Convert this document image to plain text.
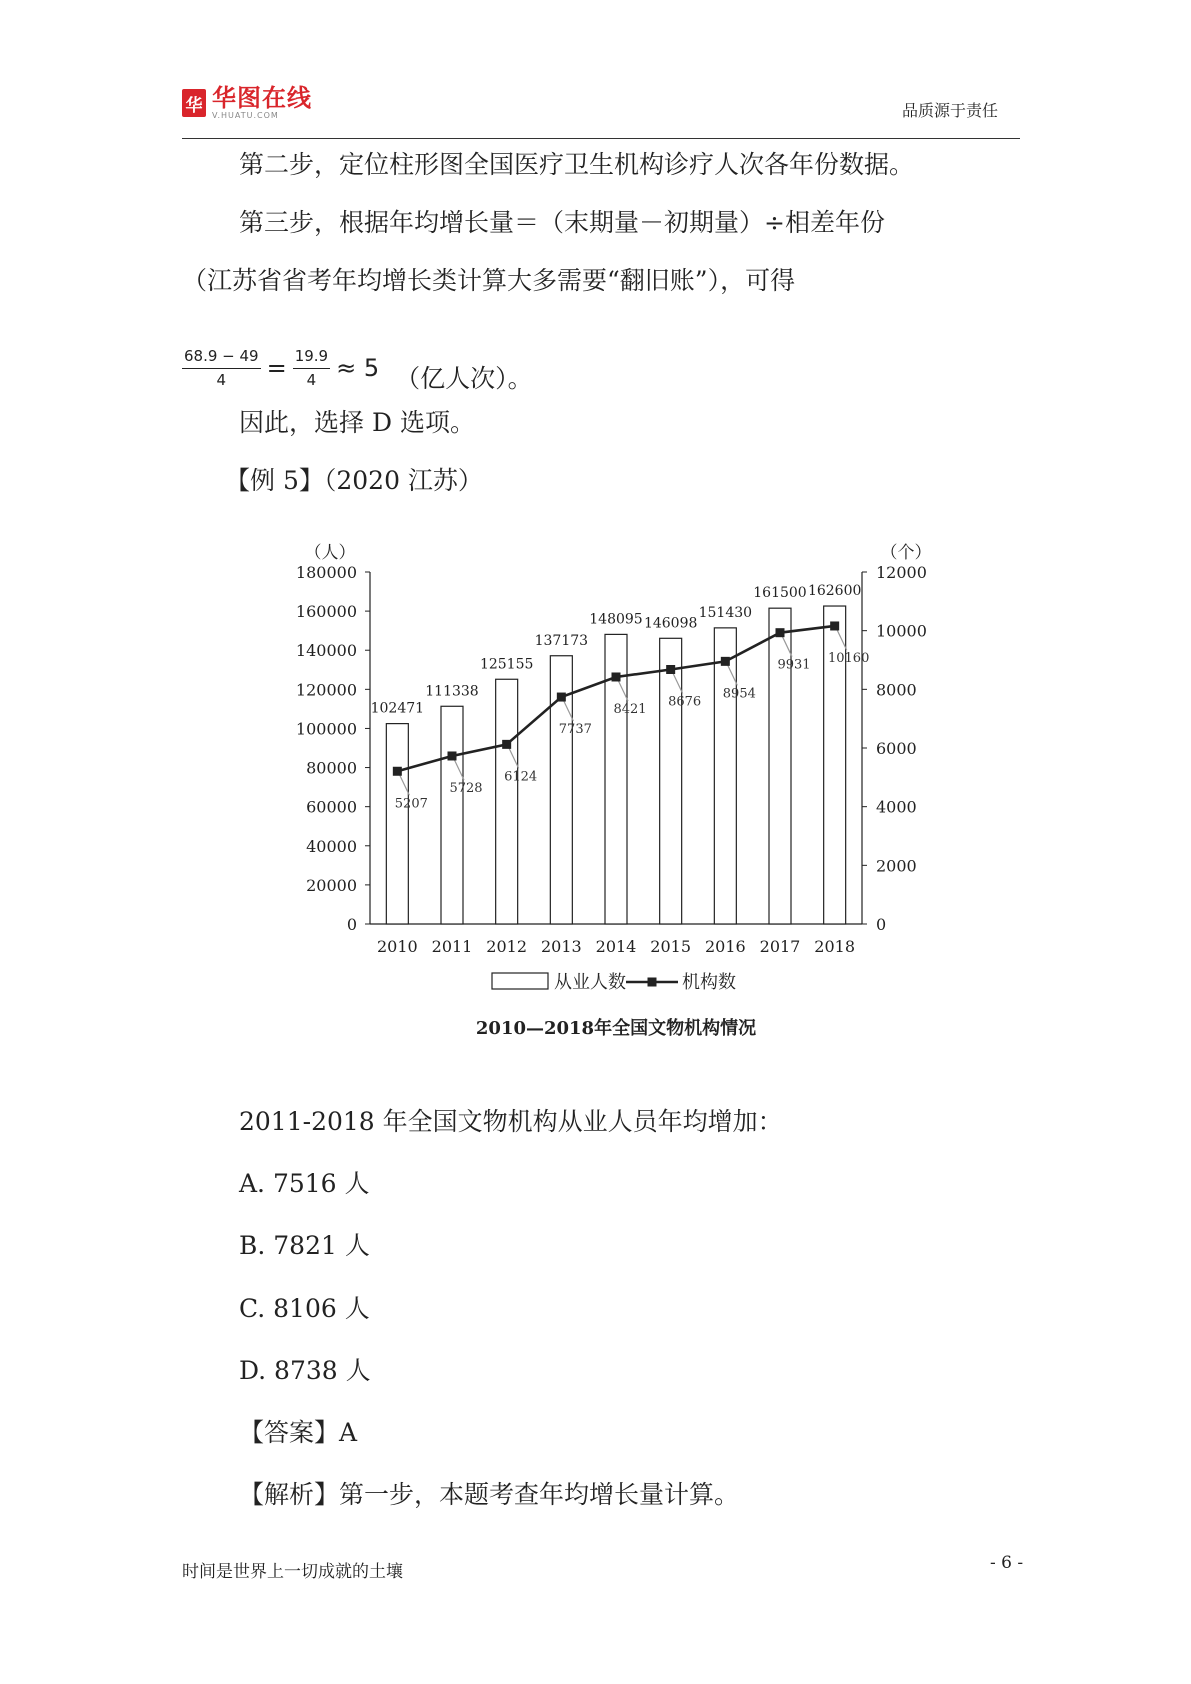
华 华图在线
V.HUATU.COM	品质源于责任
第二步，定位柱形图全国医疗卫生机构诊疗人次各年份数据。
第三步，根据年均增长量＝（末期量－初期量）÷相差年份
（江苏省省考年均增长类计算大多需要“翻旧账”），可得
$\frac{68.9 - 49}{4} = \frac{19.9}{4} \approx 5$ （亿人次）。
因此，选择 D 选项。
【例 5】（2020 江苏）
0
20000
40000
60000
80000
100000
120000
140000
160000
180000
（人）
0
2000
4000
6000
8000
10000
12000
（个）
2010 2011 2012 2013 2014 2015 2016 2017 2018
102471
111338
125155
137173
148095 146098
151430
161500 162600
5207
5728
6124
7737
8421 8676
8954
9931 10160
从业人数	机构数
2010—2018年全国文物机构情况
2011-2018 年全国文物机构从业人员年均增加：
A. 7516 人
B. 7821 人
C. 8106 人
D. 8738 人
【答案】A
【解析】第一步，本题考查年均增长量计算。
时间是世界上一切成就的土壤	- 6 -
